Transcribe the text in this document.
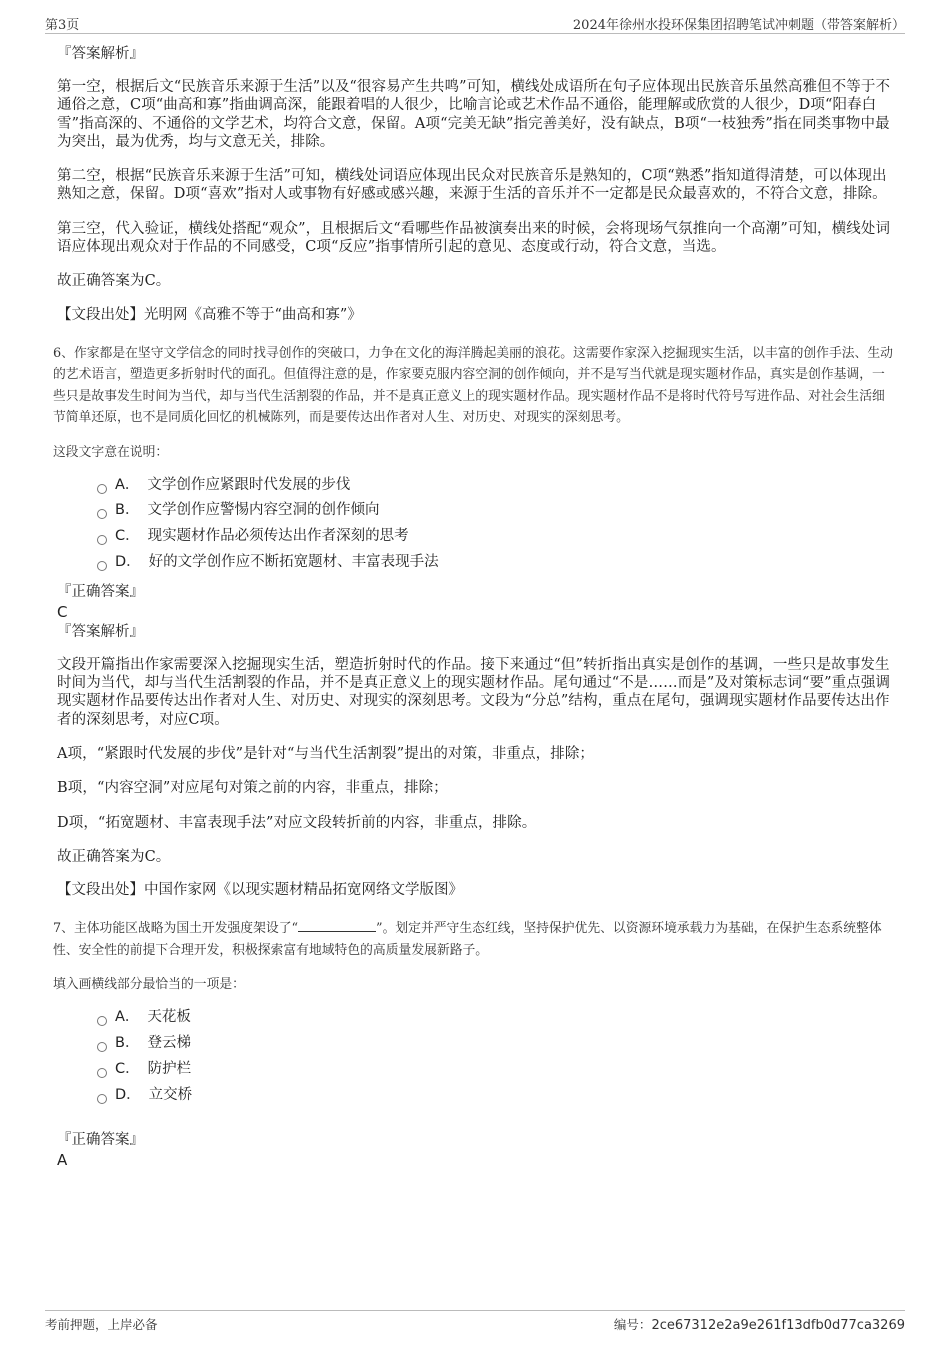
第3页	2024年徐州水投环保集团招聘笔试冲刺题（带答案解析）
『答案解析』

第一空，根据后文“民族音乐来源于生活”以及“很容易产生共鸣”可知，横线处成语所在句子应体现出民族音乐虽然高雅但不等于不通俗之意，C项“曲高和寡”指曲调高深，能跟着唱的人很少，比喻言论或艺术作品不通俗，能理解或欣赏的人很少，D项“阳春白雪”指高深的、不通俗的文学艺术，均符合文意，保留。A项“完美无缺”指完善美好，没有缺点，B项“一枝独秀”指在同类事物中最为突出，最为优秀，均与文意无关，排除。

第二空，根据“民族音乐来源于生活”可知，横线处词语应体现出民众对民族音乐是熟知的，C项“熟悉”指知道得清楚，可以体现出熟知之意，保留。D项“喜欢”指对人或事物有好感或感兴趣，来源于生活的音乐并不一定都是民众最喜欢的，不符合文意，排除。

第三空，代入验证，横线处搭配“观众”，且根据后文“看哪些作品被演奏出来的时候，会将现场气氛推向一个高潮”可知，横线处词语应体现出观众对于作品的不同感受，C项“反应”指事情所引起的意见、态度或行动，符合文意，当选。

故正确答案为C。

【文段出处】光明网《高雅不等于“曲高和寡”》

6、作家都是在坚守文学信念的同时找寻创作的突破口，力争在文化的海洋腾起美丽的浪花。这需要作家深入挖掘现实生活，以丰富的创作手法、生动的艺术语言，塑造更多折射时代的面孔。但值得注意的是，作家要克服内容空洞的创作倾向，并不是写当代就是现实题材作品，真实是创作基调，一些只是故事发生时间为当代，却与当代生活割裂的作品，并不是真正意义上的现实题材作品。现实题材作品不是将时代符号写进作品、对社会生活细节简单还原，也不是同质化回忆的机械陈列，而是要传达出作者对人生、对历史、对现实的深刻思考。

这段文字意在说明：

A． 文学创作应紧跟时代发展的步伐
B． 文学创作应警惕内容空洞的创作倾向
C． 现实题材作品必须传达出作者深刻的思考
D． 好的文学创作应不断拓宽题材、丰富表现手法
『正确答案』
C
『答案解析』

文段开篇指出作家需要深入挖掘现实生活，塑造折射时代的作品。接下来通过“但”转折指出真实是创作的基调，一些只是故事发生时间为当代，却与当代生活割裂的作品，并不是真正意义上的现实题材作品。尾句通过“不是……而是”及对策标志词“要”重点强调现实题材作品要传达出作者对人生、对历史、对现实的深刻思考。文段为“分总”结构，重点在尾句，强调现实题材作品要传达出作者的深刻思考，对应C项。

A项，“紧跟时代发展的步伐”是针对“与当代生活割裂”提出的对策，非重点，排除；

B项，“内容空洞”对应尾句对策之前的内容，非重点，排除；

D项，“拓宽题材、丰富表现手法”对应文段转折前的内容，非重点，排除。

故正确答案为C。

【文段出处】中国作家网《以现实题材精品拓宽网络文学版图》

7、主体功能区战略为国土开发强度架设了“	”。划定并严守生态红线，坚持保护优先、以资源环境承载力为基础，在保护生态系统整体性、安全性的前提下合理开发，积极探索富有地域特色的高质量发展新路子。

填入画横线部分最恰当的一项是：

A． 天花板
B． 登云梯
C． 防护栏
D． 立交桥
『正确答案』
A
考前押题，上岸必备	编号：2ce67312e2a9e261f13dfb0d77ca3269
